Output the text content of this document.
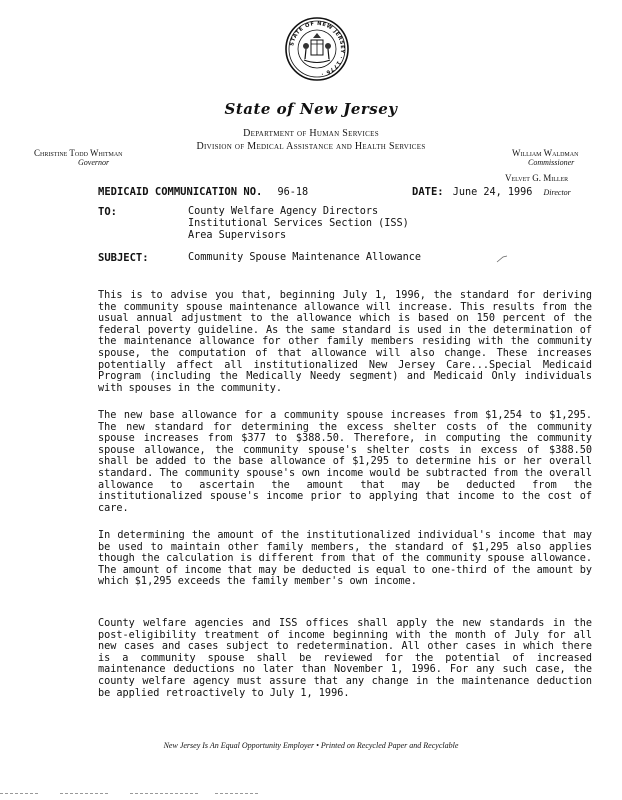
STATE OF NEW JERSEY · 1776 ·
State of New Jersey
Department of Human Services
Division of Medical Assistance and Health Services
Christine Todd Whitman
Governor
William Waldman
Commissioner
Velvet G. Miller
MEDICAID COMMUNICATION NO. 96-18	DATE: June 24, 1996 Director
TO:	County Welfare Agency Directors
Institutional Services Section (ISS)
Area Supervisors
SUBJECT:	Community Spouse Maintenance Allowance

This is to advise you that, beginning July 1, 1996, the standard for deriving the community spouse maintenance allowance will increase. This results from the usual annual adjustment to the allowance which is based on 150 percent of the federal poverty guideline. As the same standard is used in the determination of the maintenance allowance for other family members residing with the community spouse, the computation of that allowance will also change. These increases potentially affect all institutionalized New Jersey Care...Special Medicaid Program (including the Medically Needy segment) and Medicaid Only individuals with spouses in the community.

The new base allowance for a community spouse increases from $1,254 to $1,295. The new standard for determining the excess shelter costs of the community spouse increases from $377 to $388.50. Therefore, in computing the community spouse allowance, the community spouse's shelter costs in excess of $388.50 shall be added to the base allowance of $1,295 to determine his or her overall standard. The community spouse's own income would be subtracted from the overall allowance to ascertain the amount that may be deducted from the institutionalized spouse's income prior to applying that income to the cost of care.

In determining the amount of the institutionalized individual's income that may be used to maintain other family members, the standard of $1,295 also applies though the calculation is different from that of the community spouse allowance. The amount of income that may be deducted is equal to one-third of the amount by which $1,295 exceeds the family member's own income.

County welfare agencies and ISS offices shall apply the new standards in the post-eligibility treatment of income beginning with the month of July for all new cases and cases subject to redetermination. All other cases in which there is a community spouse shall be reviewed for the potential of increased maintenance deductions no later than November 1, 1996. For any such case, the county welfare agency must assure that any change in the maintenance deduction be applied retroactively to July 1, 1996.

New Jersey Is An Equal Opportunity Employer • Printed on Recycled Paper and Recyclable
